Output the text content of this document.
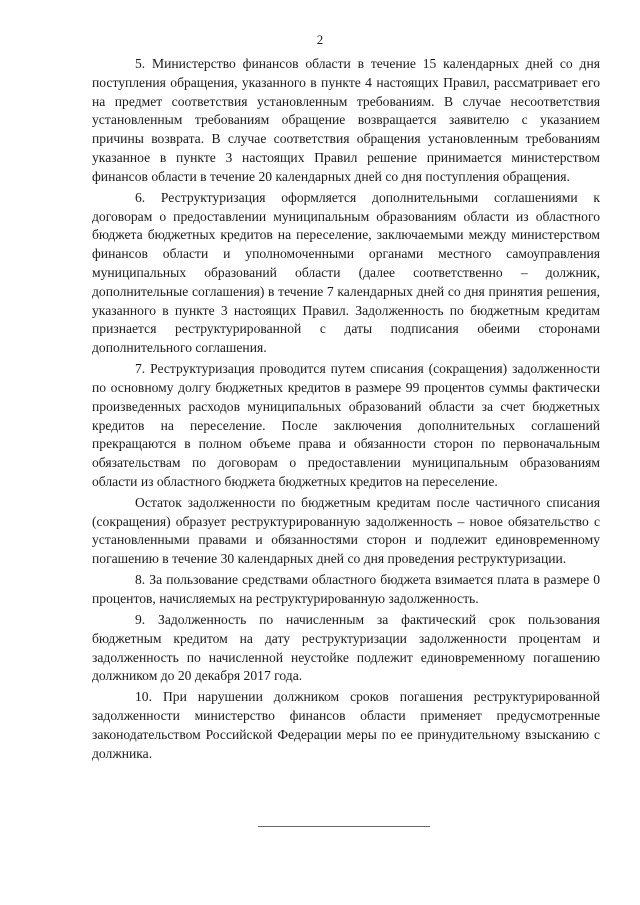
2

5. Министерство финансов области в течение 15 календарных дней со дня поступления обращения, указанного в пункте 4 настоящих Правил, рассматривает его на предмет соответствия установленным требованиям. В случае несоответствия установленным требованиям обращение возвращается заявителю с указанием причины возврата. В случае соответствия обращения установленным требованиям указанное в пункте 3 настоящих Правил решение принимается министерством финансов области в течение 20 календарных дней со дня поступления обращения.

6. Реструктуризация оформляется дополнительными соглашениями к договорам о предоставлении муниципальным образованиям области из областного бюджета бюджетных кредитов на переселение, заключаемыми между министерством финансов области и уполномоченными органами местного самоуправления муниципальных образований области (далее соответственно – должник, дополнительные соглашения) в течение 7 календарных дней со дня принятия решения, указанного в пункте 3 настоящих Правил. Задолженность по бюджетным кредитам признается реструктурированной с даты подписания обеими сторонами дополнительного соглашения.

7. Реструктуризация проводится путем списания (сокращения) задолженности по основному долгу бюджетных кредитов в размере 99 процентов суммы фактически произведенных расходов муниципальных образований области за счет бюджетных кредитов на переселение. После заключения дополнительных соглашений прекращаются в полном объеме права и обязанности сторон по первоначальным обязательствам по договорам о предоставлении муниципальным образованиям области из областного бюджета бюджетных кредитов на переселение.

Остаток задолженности по бюджетным кредитам после частичного списания (сокращения) образует реструктурированную задолженность – новое обязательство с установленными правами и обязанностями сторон и подлежит единовременному погашению в течение 30 календарных дней со дня проведения реструктуризации.

8. За пользование средствами областного бюджета взимается плата в размере 0 процентов, начисляемых на реструктурированную задолженность.

9. Задолженность по начисленным за фактический срок пользования бюджетным кредитом на дату реструктуризации задолженности процентам и задолженность по начисленной неустойке подлежит единовременному погашению должником до 20 декабря 2017 года.

10. При нарушении должником сроков погашения реструктурированной задолженности министерство финансов области применяет предусмотренные законодательством Российской Федерации меры по ее принудительному взысканию с должника.
